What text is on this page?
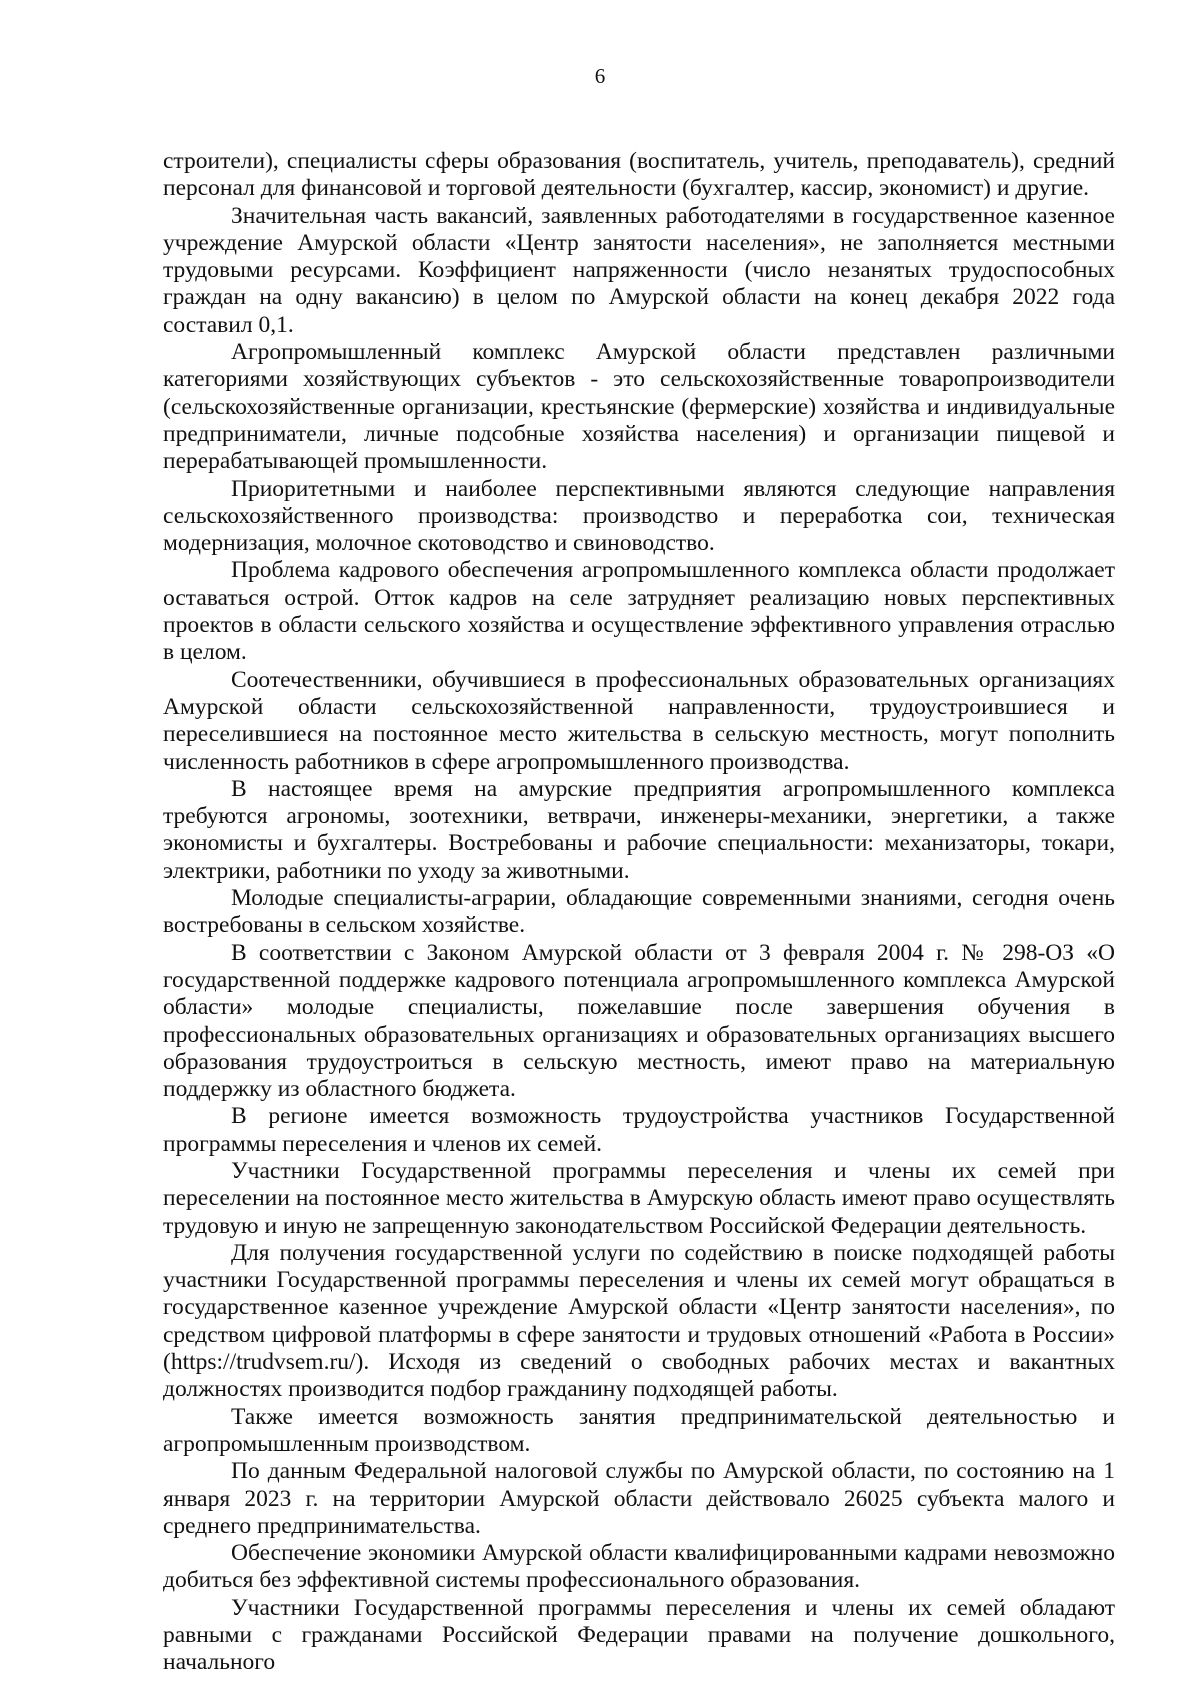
6

строители), специалисты сферы образования (воспитатель, учитель, преподаватель), средний персонал для финансовой и торговой деятельности (бухгалтер, кассир, экономист) и другие.

Значительная часть вакансий, заявленных работодателями в государственное казенное учреждение Амурской области «Центр занятости населения», не заполняется местными трудовыми ресурсами. Коэффициент напряженности (число незанятых трудоспособных граждан на одну вакансию) в целом по Амурской области на конец декабря 2022 года составил 0,1.

Агропромышленный комплекс Амурской области представлен различными категориями хозяйствующих субъектов - это сельскохозяйственные товаропроизводители (сельскохозяйственные организации, крестьянские (фермерские) хозяйства и индивидуальные предприниматели, личные подсобные хозяйства населения) и организации пищевой и перерабатывающей промышленности.

Приоритетными и наиболее перспективными являются следующие направления сельскохозяйственного производства: производство и переработка сои, техническая модернизация, молочное скотоводство и свиноводство.

Проблема кадрового обеспечения агропромышленного комплекса области продолжает оставаться острой. Отток кадров на селе затрудняет реализацию новых перспективных проектов в области сельского хозяйства и осуществление эффективного управления отраслью в целом.

Соотечественники, обучившиеся в профессиональных образовательных организациях Амурской области сельскохозяйственной направленности, трудоустроившиеся и переселившиеся на постоянное место жительства в сельскую местность, могут пополнить численность работников в сфере агропромышленного производства.

В настоящее время на амурские предприятия агропромышленного комплекса требуются агрономы, зоотехники, ветврачи, инженеры-механики, энергетики, а также экономисты и бухгалтеры. Востребованы и рабочие специальности: механизаторы, токари, электрики, работники по уходу за животными.

Молодые специалисты-аграрии, обладающие современными знаниями, сегодня очень востребованы в сельском хозяйстве.

В соответствии с Законом Амурской области от 3 февраля 2004 г. № 298-ОЗ «О государственной поддержке кадрового потенциала агропромышленного комплекса Амурской области» молодые специалисты, пожелавшие после завершения обучения в профессиональных образовательных организациях и образовательных организациях высшего образования трудоустроиться в сельскую местность, имеют право на материальную поддержку из областного бюджета.

В регионе имеется возможность трудоустройства участников Государственной программы переселения и членов их семей.

Участники Государственной программы переселения и члены их семей при переселении на постоянное место жительства в Амурскую область имеют право осуществлять трудовую и иную не запрещенную законодательством Российской Федерации деятельность.

Для получения государственной услуги по содействию в поиске подходящей работы участники Государственной программы переселения и члены их семей могут обращаться в государственное казенное учреждение Амурской области «Центр занятости населения», по средством цифровой платформы в сфере занятости и трудовых отношений «Работа в России» (https://trudvsem.ru/). Исходя из сведений о свободных рабочих местах и вакантных должностях производится подбор гражданину подходящей работы.

Также имеется возможность занятия предпринимательской деятельностью и агропромышленным производством.

По данным Федеральной налоговой службы по Амурской области, по состоянию на 1 января 2023 г. на территории Амурской области действовало 26025 субъекта малого и среднего предпринимательства.

Обеспечение экономики Амурской области квалифицированными кадрами невозможно добиться без эффективной системы профессионального образования.

Участники Государственной программы переселения и члены их семей обладают равными с гражданами Российской Федерации правами на получение дошкольного, начального
